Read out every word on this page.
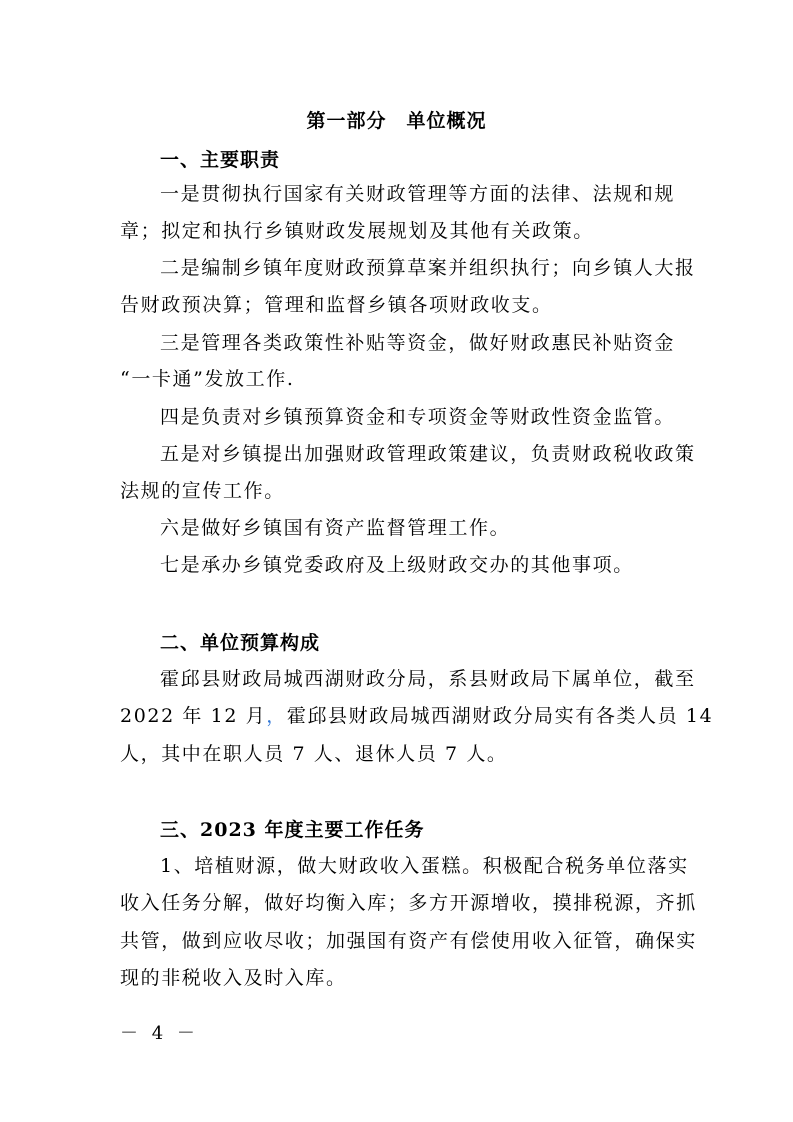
第一部分　单位概况
一、主要职责
一是贯彻执行国家有关财政管理等方面的法律、法规和规
章；拟定和执行乡镇财政发展规划及其他有关政策。
二是编制乡镇年度财政预算草案并组织执行；向乡镇人大报
告财政预决算；管理和监督乡镇各项财政收支。
三是管理各类政策性补贴等资金，做好财政惠民补贴资金
“一卡通”发放工作.
四是负责对乡镇预算资金和专项资金等财政性资金监管。
五是对乡镇提出加强财政管理政策建议，负责财政税收政策
法规的宣传工作。
六是做好乡镇国有资产监督管理工作。
七是承办乡镇党委政府及上级财政交办的其他事项。
二、单位预算构成
霍邱县财政局城西湖财政分局，系县财政局下属单位，截至
2022 年 12 月，霍邱县财政局城西湖财政分局实有各类人员 14
人，其中在职人员 7 人、退休人员 7 人。
三、2023 年度主要工作任务
1、培植财源，做大财政收入蛋糕。积极配合税务单位落实
收入任务分解，做好均衡入库；多方开源增收，摸排税源，齐抓
共管，做到应收尽收；加强国有资产有偿使用收入征管，确保实
现的非税收入及时入库。
－ 4 －
